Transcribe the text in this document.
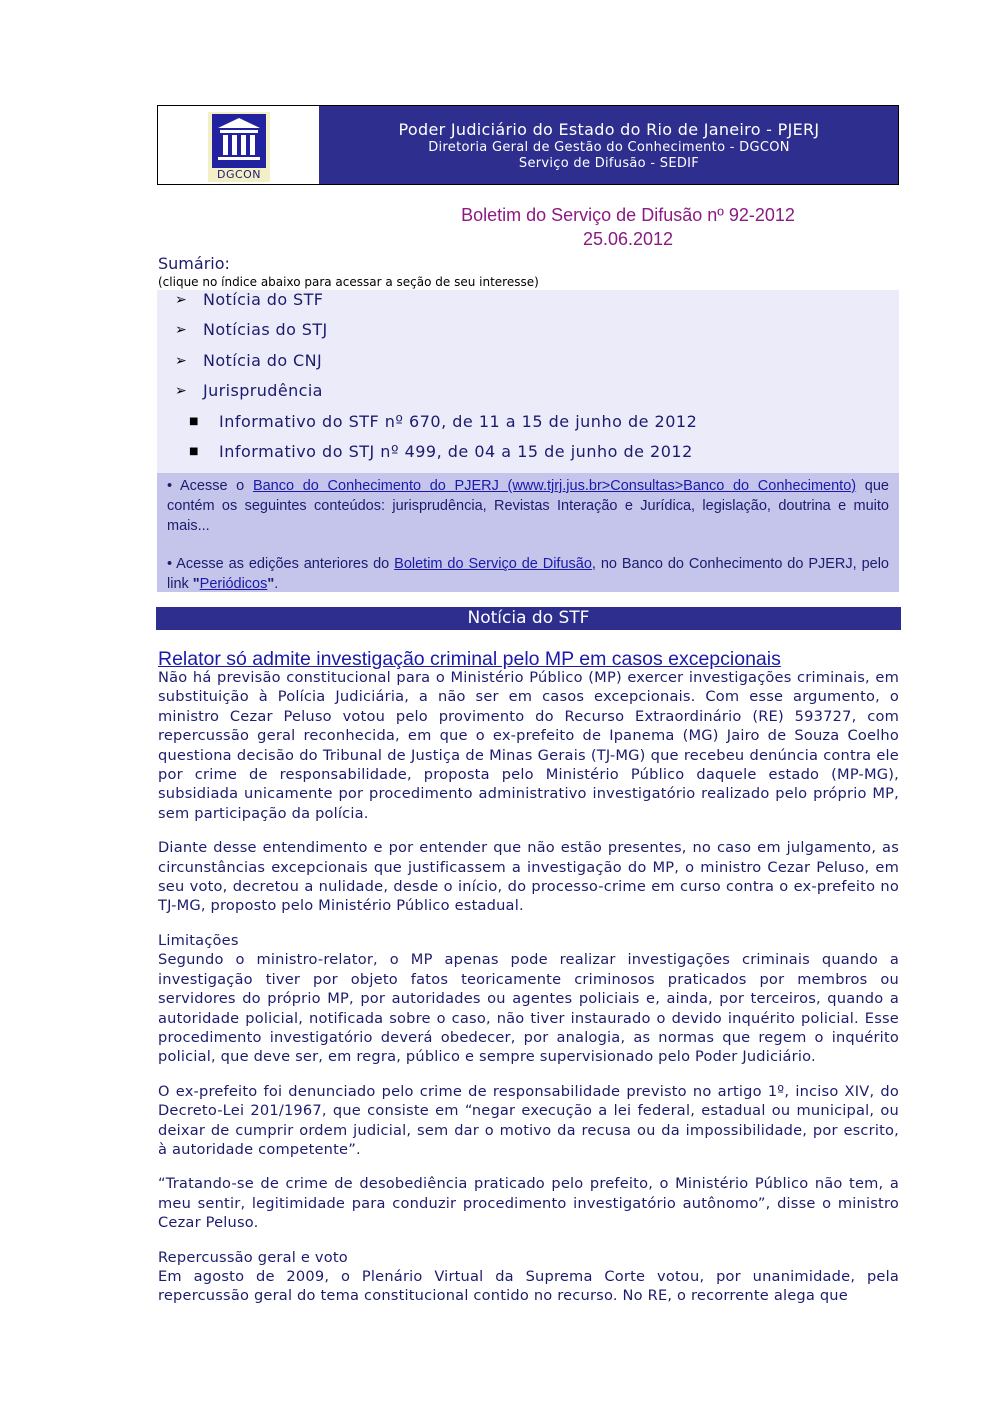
DGCON
Poder Judiciário do Estado do Rio de Janeiro - PJERJ
Diretoria Geral de Gestão do Conhecimento - DGCON
Serviço de Difusão - SEDIF
Boletim do Serviço de Difusão nº 92-2012
25.06.2012
Sumário:
(clique no índice abaixo para acessar a seção de seu interesse)
➢ Notícia do STF
➢ Notícias do STJ
➢ Notícia do CNJ
➢ Jurisprudência
■	Informativo do STF nº 670, de 11 a 15 de junho de 2012
■	Informativo do STJ nº 499, de 04 a 15 de junho de 2012

• Acesse o Banco do Conhecimento do PJERJ (www.tjrj.jus.br>Consultas>Banco do Conhecimento) que contém os seguintes conteúdos: jurisprudência, Revistas Interação e Jurídica, legislação, doutrina e muito mais...

• Acesse as edições anteriores do Boletim do Serviço de Difusão, no Banco do Conhecimento do PJERJ, pelo link "Periódicos".

Notícia do STF
Relator só admite investigação criminal pelo MP em casos excepcionais

Não há previsão constitucional para o Ministério Público (MP) exercer investigações criminais, em substituição à Polícia Judiciária, a não ser em casos excepcionais. Com esse argumento, o ministro Cezar Peluso votou pelo provimento do Recurso Extraordinário (RE) 593727, com repercussão geral reconhecida, em que o ex-prefeito de Ipanema (MG) Jairo de Souza Coelho questiona decisão do Tribunal de Justiça de Minas Gerais (TJ-MG) que recebeu denúncia contra ele por crime de responsabilidade, proposta pelo Ministério Público daquele estado (MP-MG), subsidiada unicamente por procedimento administrativo investigatório realizado pelo próprio MP, sem participação da polícia.

Diante desse entendimento e por entender que não estão presentes, no caso em julgamento, as circunstâncias excepcionais que justificassem a investigação do MP, o ministro Cezar Peluso, em seu voto, decretou a nulidade, desde o início, do processo-crime em curso contra o ex-prefeito no TJ-MG, proposto pelo Ministério Público estadual.

Limitações

Segundo o ministro-relator, o MP apenas pode realizar investigações criminais quando a investigação tiver por objeto fatos teoricamente criminosos praticados por membros ou servidores do próprio MP, por autoridades ou agentes policiais e, ainda, por terceiros, quando a autoridade policial, notificada sobre o caso, não tiver instaurado o devido inquérito policial. Esse procedimento investigatório deverá obedecer, por analogia, as normas que regem o inquérito policial, que deve ser, em regra, público e sempre supervisionado pelo Poder Judiciário.

O ex-prefeito foi denunciado pelo crime de responsabilidade previsto no artigo 1º, inciso XIV, do Decreto-Lei 201/1967, que consiste em “negar execução a lei federal, estadual ou municipal, ou deixar de cumprir ordem judicial, sem dar o motivo da recusa ou da impossibilidade, por escrito, à autoridade competente”.

“Tratando-se de crime de desobediência praticado pelo prefeito, o Ministério Público não tem, a meu sentir, legitimidade para conduzir procedimento investigatório autônomo”, disse o ministro Cezar Peluso.

Repercussão geral e voto

Em agosto de 2009, o Plenário Virtual da Suprema Corte votou, por unanimidade, pela repercussão geral do tema constitucional contido no recurso. No RE, o recorrente alega que
